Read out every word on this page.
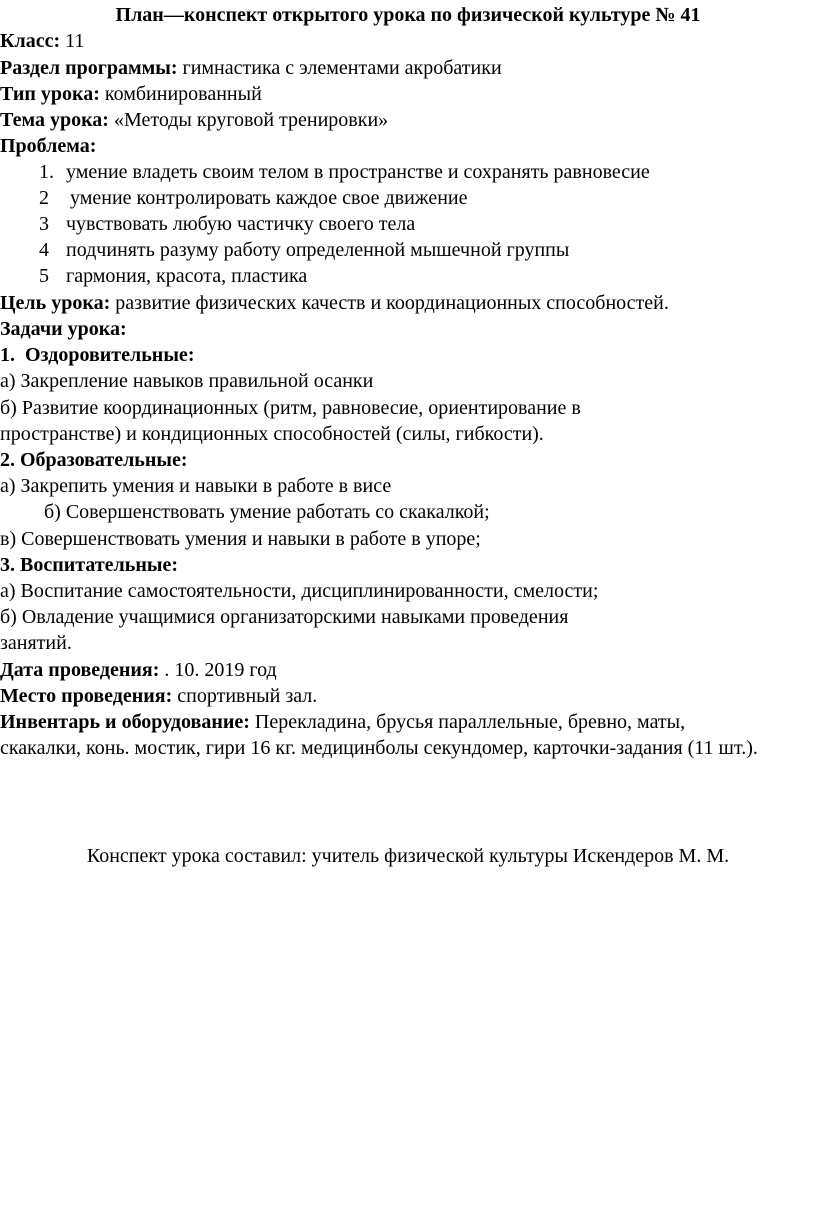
План—конспект открытого урока по физической культуре № 41
Класс: 11
Раздел программы: гимнастика с элементами акробатики
Тип урока: комбинированный
Тема урока: «Методы круговой тренировки»
Проблема:
1. умение владеть своим телом в пространстве и сохранять равновесие
2 умение контролировать каждое свое движение
3 чувствовать любую частичку своего тела
4 подчинять разуму работу определенной мышечной группы
5 гармония, красота, пластика
Цель урока: развитие физических качеств и координационных способностей.
Задачи урока:
1.  Оздоровительные:
а) Закрепление навыков правильной осанки
б) Развитие координационных (ритм, равновесие, ориентирование в
пространстве) и кондиционных способностей (силы, гибкости).
2. Образовательные:
а) Закрепить умения и навыки в работе в висе
б) Совершенствовать умение работать со скакалкой;
в) Совершенствовать умения и навыки в работе в упоре;
3. Воспитательные:
а) Воспитание самостоятельности, дисциплинированности, смелости;
б) Овладение учащимися организаторскими навыками проведения
занятий.
Дата проведения: . 10. 2019 год
Место проведения: спортивный зал.
Инвентарь и оборудование: Перекладина, брусья параллельные, бревно, маты,
скакалки, конь. мостик, гири 16 кг. медицинболы секундомер, карточки-задания (11 шт.).
Конспект урока составил: учитель физической культуры Искендеров М. М.
